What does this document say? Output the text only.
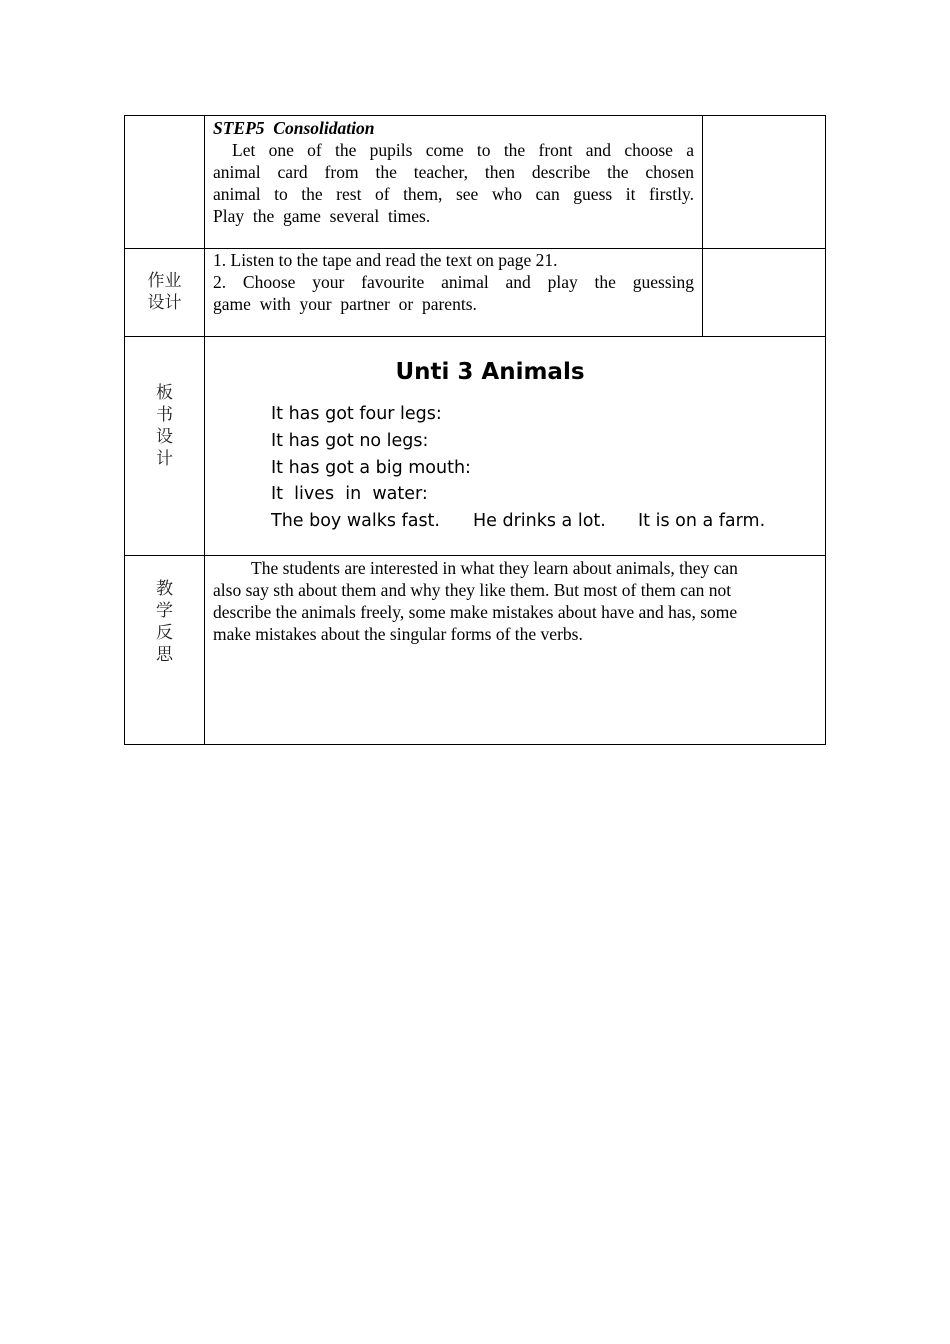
STEP5  Consolidation
Let one of the pupils come to the front and choose a
animal card from the teacher, then describe the chosen
animal to the rest of them, see who can guess it firstly.
Play  the  game  several  times.
作业
设计
1. Listen to the tape and read the text on page 21.
2. Choose your favourite animal and play the guessing
game  with  your  partner  or  parents.
板
书
设
计
Unti 3 Animals
It has got four legs:
It has got no legs:
It has got a big mouth:
It  lives  in  water:
The boy walks fast. He drinks a lot. It is on a farm.
教
学
反
思
The students are interested in what they learn about animals, they can
also say sth about them and why they like them. But most of them can not
describe the animals freely, some make mistakes about have and has, some
make mistakes about the singular forms of the verbs.
